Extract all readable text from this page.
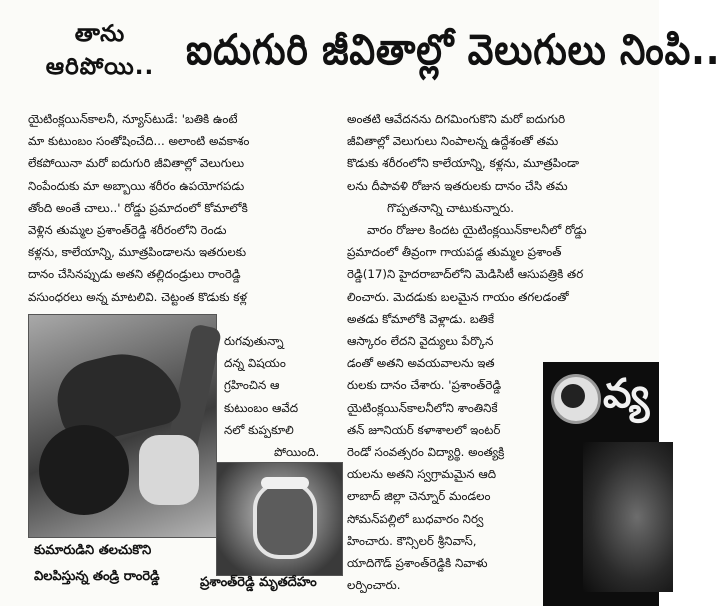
తాను
ఆరిపోయి.. ఐదుగురి జీవితాల్లో వెలుగులు నింపి..

యైటింక్లయిన్‌కాలనీ, న్యూస్‌టుడే: 'బతికి ఉంటే

మా కుటుంబం సంతోషించేది... అలాంటి అవకాశం

లేకపోయినా మరో ఐదుగురి జీవితాల్లో వెలుగులు

నింపేందుకు మా అబ్బాయి శరీరం ఉపయోగపడు

తోంది అంతే చాలు..' రోడ్డు ప్రమాదంలో కోమాలోకి

వెళ్లిన తుమ్మల ప్రశాంత్‌రెడ్డి శరీరంలోని రెండు

కళ్లను, కాలేయాన్ని, మూత్రపిండాలను ఇతరులకు

దానం చేసినప్పుడు అతని తల్లిదండ్రులు రాంరెడ్డి

వసుంధరలు అన్న మాటలివి. చెట్టంత కొడుకు కళ్ల

రుగవుతున్నా

దన్న విషయం

గ్రహించిన ఆ

కుటుంబం ఆవేద

నలో కుప్పకూలి

పోయింది.

అంతటి ఆవేదనను దిగమింగుకొని మరో ఐదుగురి

జీవితాల్లో వెలుగులు నింపాలన్న ఉద్దేశంతో తమ

కొడుకు శరీరంలోని కాలేయాన్ని, కళ్లను, మూత్రపిండా

లను దీపావళి రోజున ఇతరులకు దానం చేసి తమ

గొప్పతనాన్ని చాటుకున్నారు.

వారం రోజుల కిందట యైటింక్లయిన్‌కాలనీలో రోడ్డు

ప్రమాదంలో తీవ్రంగా గాయపడ్డ తుమ్మల ప్రశాంత్

రెడ్డి(17)ని హైదరాబాద్‌లోని మెడిసిటీ ఆసుపత్రికి తర

లించారు. మెదడుకు బలమైన గాయం తగలడంతో

అతడు కోమాలోకి వెళ్లాడు. బతికే

ఆస్కారం లేదని వైద్యులు పేర్కొన

డంతో అతని అవయవాలను ఇత

రులకు దానం చేశారు. 'ప్రశాంత్‌రెడ్డి

యైటింక్లయిన్‌కాలనీలోని శాంతినికే

తన్ జూనియర్ కళాశాలలో ఇంటర్

రెండో సంవత్సరం విద్యార్థి. అంత్యక్రి

యలను అతని స్వగ్రామమైన ఆది

లాబాద్ జిల్లా చెన్నూర్ మండలం

సోమన్‌పల్లిలో బుధవారం నిర్వ

హించారు. కౌన్సిలర్ శ్రీనివాస్,

యాదిగౌడ్ ప్రశాంత్‌రెడ్డికి నివాళు

లర్పించారు.

వ్య
కుమారుడిని తలచుకొని
విలపిస్తున్న తండ్రి రాంరెడ్డి	ప్రశాంత్‌రెడ్డి మృతదేహం
